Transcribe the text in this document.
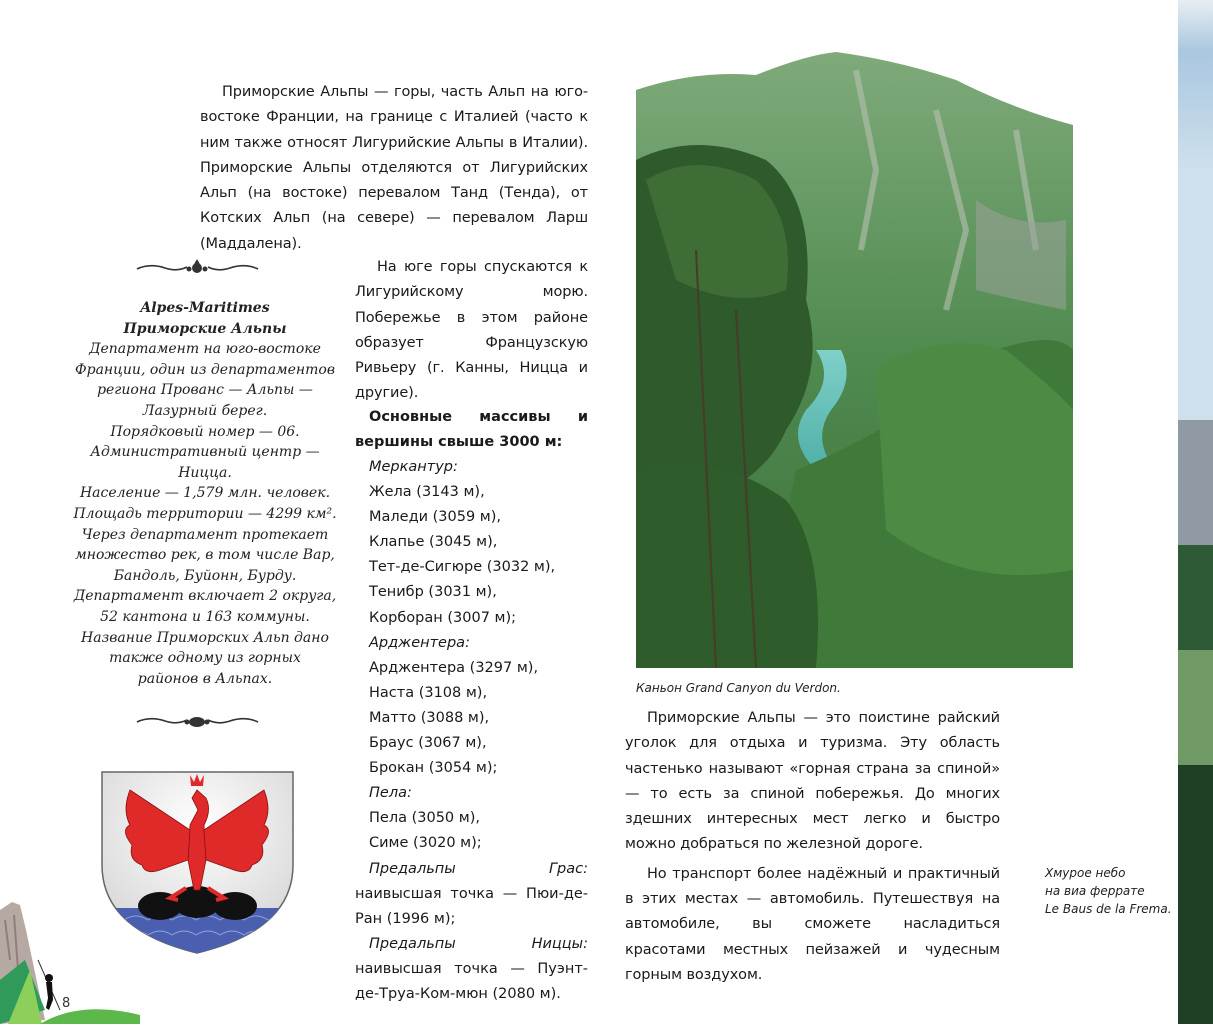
Приморские Альпы — горы, часть Альп на юго-востоке Франции, на границе с Италией (часто к ним также относят Лигурийские Альпы в Италии). Приморские Альпы отделяются от Лигурийских Альп (на востоке) перевалом Танд (Тенда), от Котских Альп (на севере) — перевалом Ларш (Маддалена).

Alpes-Maritimes
Приморские Альпы
Департамент на юго-востоке
Франции, один из департаментов
региона Прованс — Альпы —
Лазурный берег.
Порядковый номер — 06.
Административный центр —
Ницца.
Население — 1,579 млн. человек.
Площадь территории — 4299 км².
Через департамент протекает
множество рек, в том числе Вар,
Бандоль, Буйонн, Бурду.
Департамент включает 2 округа,
52 кантона и 163 коммуны.
Название Приморских Альп дано
также одному из горных
районов в Альпах.
8

На юге горы спускаются к Лигурийскому морю. Побережье в этом районе образует Французскую Ривьеру (г. Канны, Ницца и другие).

Основные массивы и вершины свыше 3000 м:
Меркантур:
Жела (3143 м),
Маледи (3059 м),
Клапье (3045 м),
Тет-де-Сигюре (3032 м),
Тенибр (3031 м),
Корборан (3007 м);
Арджентера:
Арджентера (3297 м),
Наста (3108 м),
Матто (3088 м),
Браус (3067 м),
Брокан (3054 м);
Пела:
Пела (3050 м),
Симе (3020 м);
Предальпы Грас: наивысшая точка — Пюи-де-Ран (1996 м);
Предальпы Ниццы: наивысшая точка — Пуэнт-де-Труа-Ком-мюн (2080 м).
Каньон Grand Canyon du Verdon.

Приморские Альпы — это поистине райский уголок для отдыха и туризма. Эту область частенько называют «горная страна за спиной» — то есть за спиной побережья. До многих здешних интересных мест легко и быстро можно добраться по железной дороге.

Но транспорт более надёжный и практичный в этих местах — автомобиль. Путешествуя на автомобиле, вы сможете насладиться красотами местных пейзажей и чудесным горным воздухом.

Хмурое небо
на виа феррате
Le Baus de la Frema.
